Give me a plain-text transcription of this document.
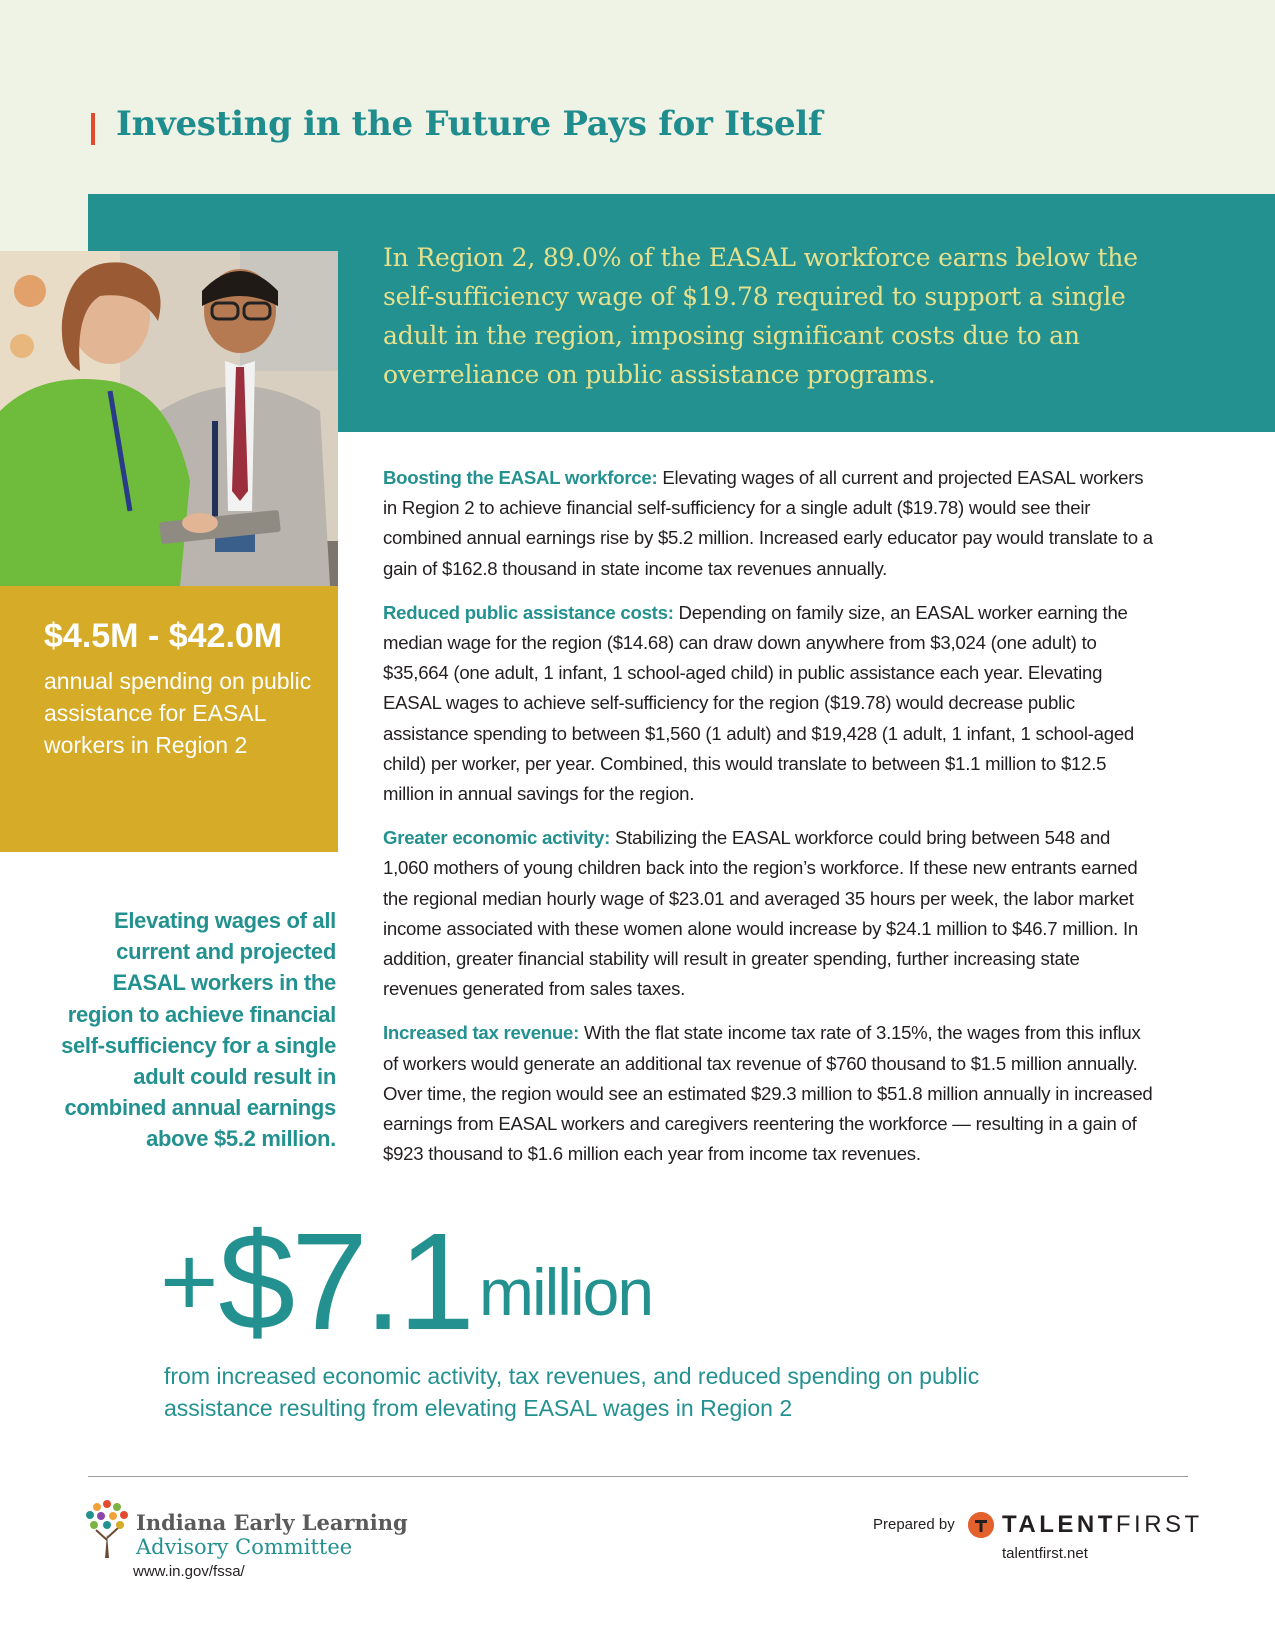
Investing in the Future Pays for Itself

In Region 2, 89.0% of the EASAL workforce earns below the self-sufficiency wage of $19.78 required to support a single adult in the region, imposing significant costs due to an overreliance on public assistance programs.

$4.5M - $42.0M
annual spending on public assistance for EASAL workers in Region 2

Elevating wages of all current and projected EASAL workers in the region to achieve financial self-sufficiency for a single adult could result in combined annual earnings above $5.2 million.

Boosting the EASAL workforce: Elevating wages of all current and projected EASAL workers in Region 2 to achieve financial self-sufficiency for a single adult ($19.78) would see their combined annual earnings rise by $5.2 million. Increased early educator pay would translate to a gain of $162.8 thousand in state income tax revenues annually.

Reduced public assistance costs: Depending on family size, an EASAL worker earning the median wage for the region ($14.68) can draw down anywhere from $3,024 (one adult) to $35,664 (one adult, 1 infant, 1 school-aged child) in public assistance each year. Elevating EASAL wages to achieve self-sufficiency for the region ($19.78) would decrease public assistance spending to between $1,560 (1 adult) and $19,428 (1 adult, 1 infant, 1 school-aged child) per worker, per year. Combined, this would translate to between $1.1 million to $12.5 million in annual savings for the region.

Greater economic activity: Stabilizing the EASAL workforce could bring between 548 and 1,060 mothers of young children back into the region’s workforce. If these new entrants earned the regional median hourly wage of $23.01 and averaged 35 hours per week, the labor market income associated with these women alone would increase by $24.1 million to $46.7 million. In addition, greater financial stability will result in greater spending, further increasing state revenues generated from sales taxes.

Increased tax revenue: With the flat state income tax rate of 3.15%, the wages from this influx of workers would generate an additional tax revenue of $760 thousand to $1.5 million annually. Over time, the region would see an estimated $29.3 million to $51.8 million annually in increased earnings from EASAL workers and caregivers reentering the workforce — resulting in a gain of $923 thousand to $1.6 million each year from income tax revenues.

+$7.1 million

from increased economic activity, tax revenues, and reduced spending on public assistance resulting from elevating EASAL wages in Region 2

Indiana Early Learning
Advisory Committee
www.in.gov/fssa/
Prepared by TALENTFIRST
talentfirst.net
